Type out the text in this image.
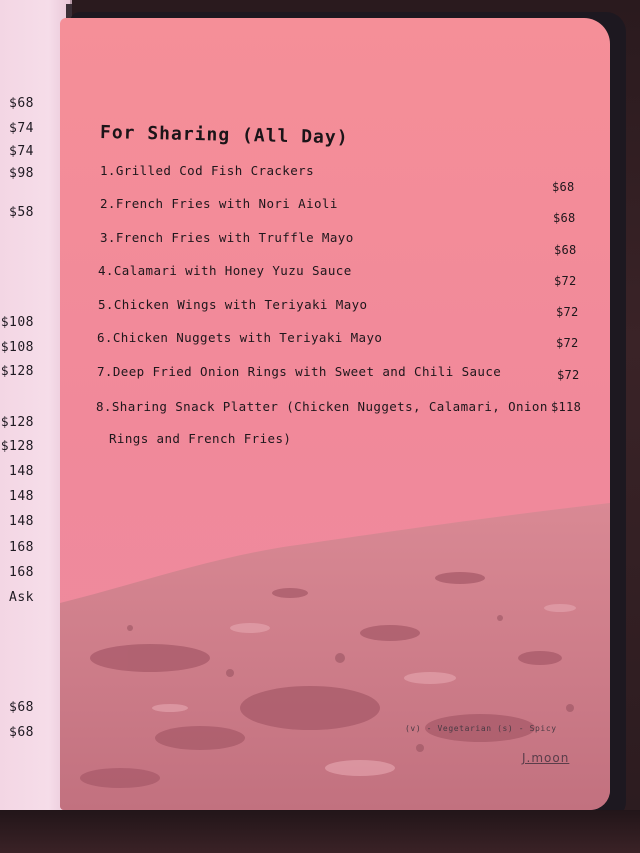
$68
$74
$74
$98
$58
$108
$108
$128
$128
$128
148
148
148
168
168
Ask
$68
$68
For Sharing (All Day)
1.Grilled Cod Fish Crackers
2.French Fries with Nori Aioli
3.French Fries with Truffle Mayo
4.Calamari with Honey Yuzu Sauce
5.Chicken Wings with Teriyaki Mayo
6.Chicken Nuggets with Teriyaki Mayo
7.Deep Fried Onion Rings with Sweet and Chili Sauce
8.Sharing Snack Platter (Chicken Nuggets, Calamari, Onion
Rings and French Fries)
$68
$68
$68
$72
$72
$72
$72
$118
(v) - Vegetarian (s) - Spicy
J.moon
